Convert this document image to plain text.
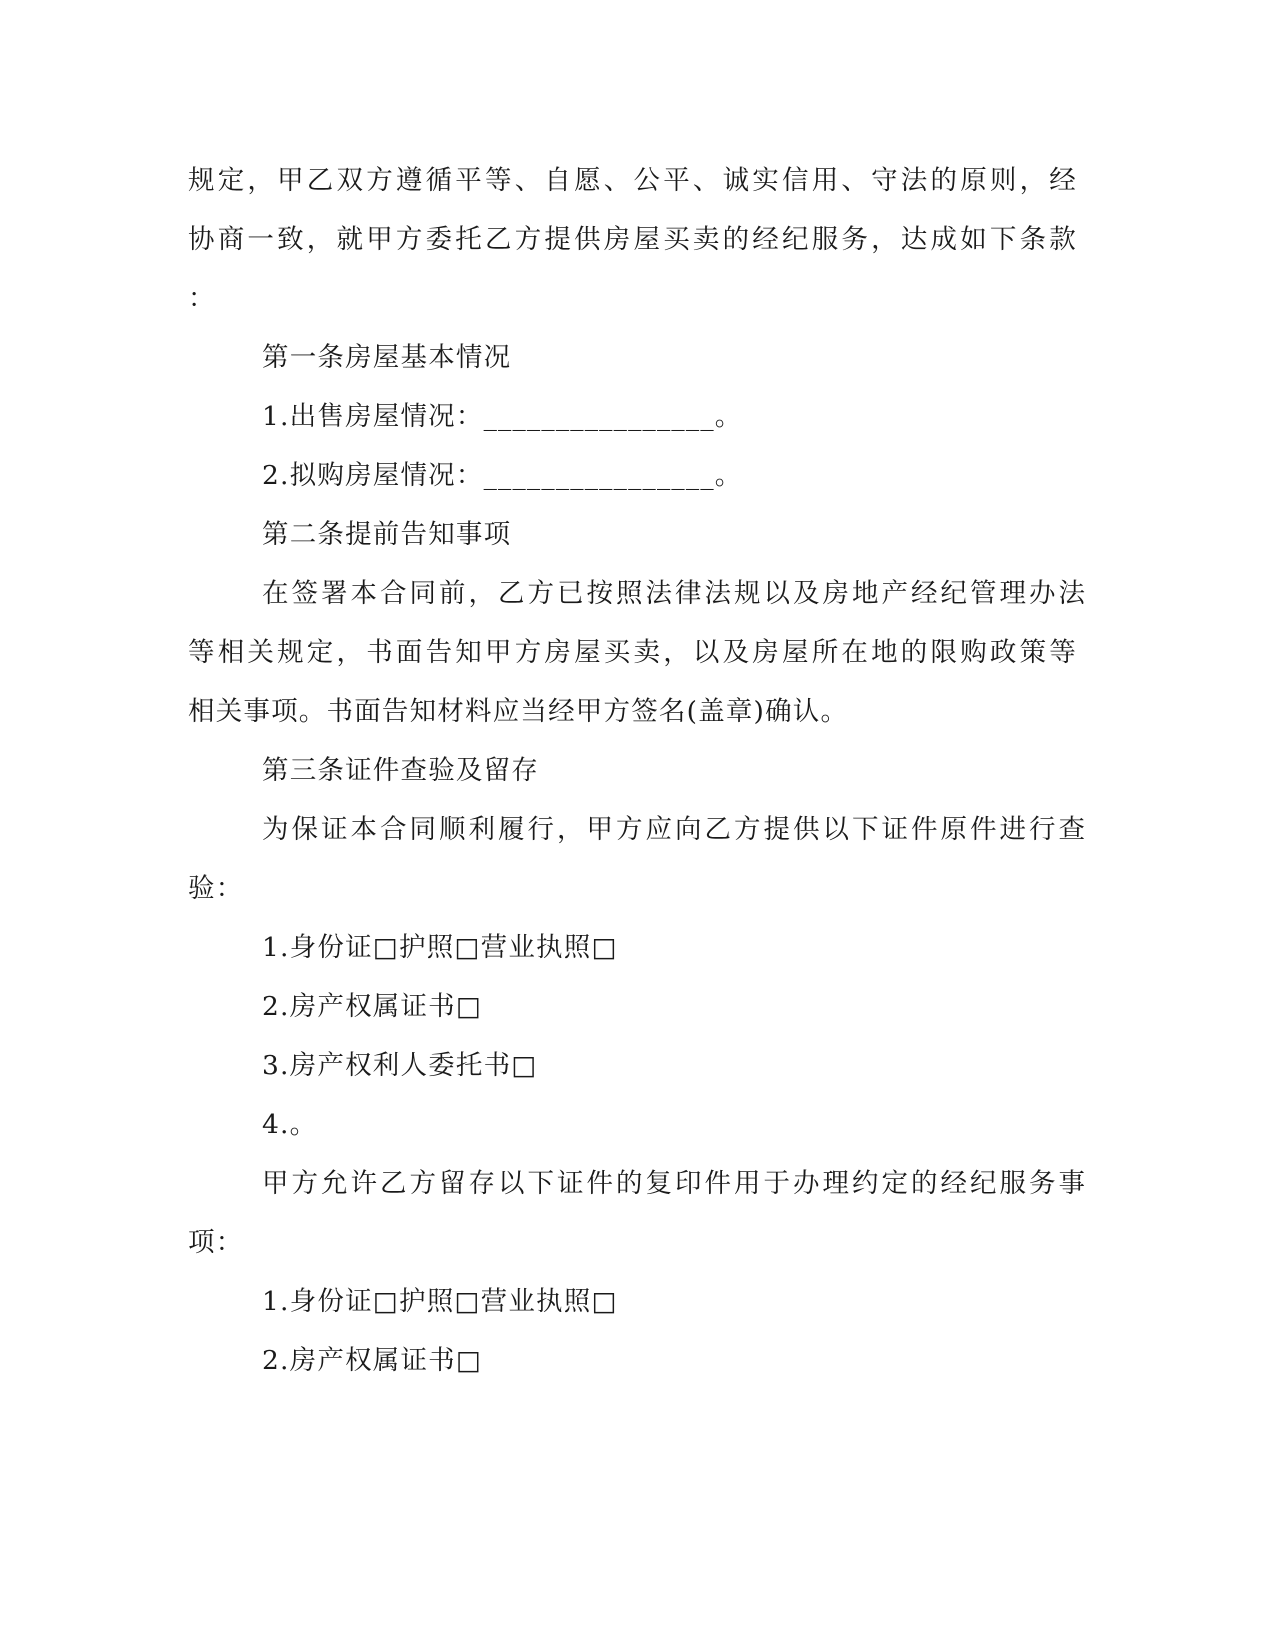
规定，甲乙双方遵循平等、自愿、公平、诚实信用、守法的原则，经
协商一致，就甲方委托乙方提供房屋买卖的经纪服务，达成如下条款
：
第一条房屋基本情况
1.出售房屋情况：________________。
2.拟购房屋情况：________________。
第二条提前告知事项
在签署本合同前，乙方已按照法律法规以及房地产经纪管理办法
等相关规定，书面告知甲方房屋买卖，以及房屋所在地的限购政策等
相关事项。书面告知材料应当经甲方签名(盖章)确认。
第三条证件查验及留存
为保证本合同顺利履行，甲方应向乙方提供以下证件原件进行查
验：
1.身份证□护照□营业执照□
2.房产权属证书□
3.房产权利人委托书□
4.。
甲方允许乙方留存以下证件的复印件用于办理约定的经纪服务事
项：
1.身份证□护照□营业执照□
2.房产权属证书□
